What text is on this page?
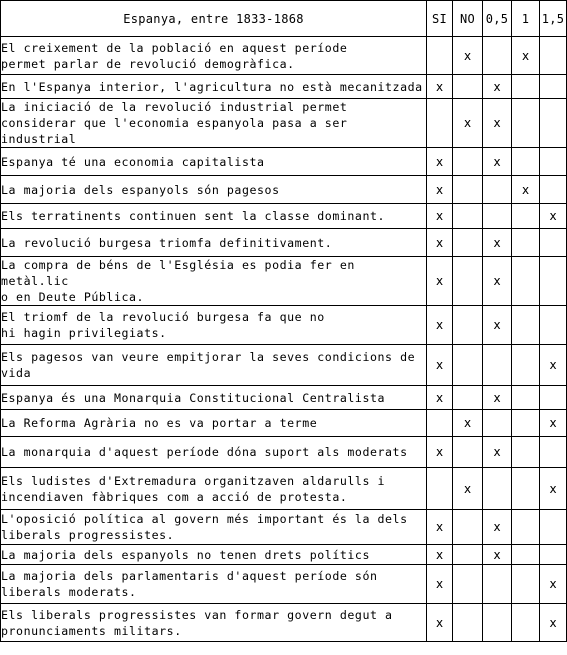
Espanya, entre 1833-1868	SI	NO	0,5	1	1,5
El creixement de la població en aquest període
permet parlar de revolució demogràfica.		x		x	
En l'Espanya interior, l'agricultura no està mecanitzada	x		x		
La iniciació de la revolució industrial permet
considerar que l'economia espanyola pasa a ser industrial		x	x		
Espanya té una economia capitalista	x		x		
La majoria dels espanyols són pagesos	x			x	
Els terratinents continuen sent la classe dominant.	x				x
La revolució burgesa triomfa definitivament.	x		x		
La compra de béns de l'Església es podia fer en metàl.lic
o en Deute Pública.	x		x		
El triomf de la revolució burgesa fa que no
hi hagin privilegiats.	x		x		
Els pagesos van veure empitjorar la seves condicions de
vida	x				x
Espanya és una Monarquia Constitucional Centralista	x		x		
La Reforma Agrària no es va portar a terme		x			x
La monarquia d'aquest període dóna suport als moderats	x		x		
Els ludistes d'Extremadura organitzaven aldarulls i
incendiaven fàbriques com a acció de protesta.		x			x
L'oposició política al govern més important és la dels
liberals progressistes.	x		x		
La majoria dels espanyols no tenen drets polítics	x		x		
La majoria dels parlamentaris d'aquest període són
liberals moderats.	x				x
Els liberals progressistes van formar govern degut a
pronunciaments militars.	x				x
